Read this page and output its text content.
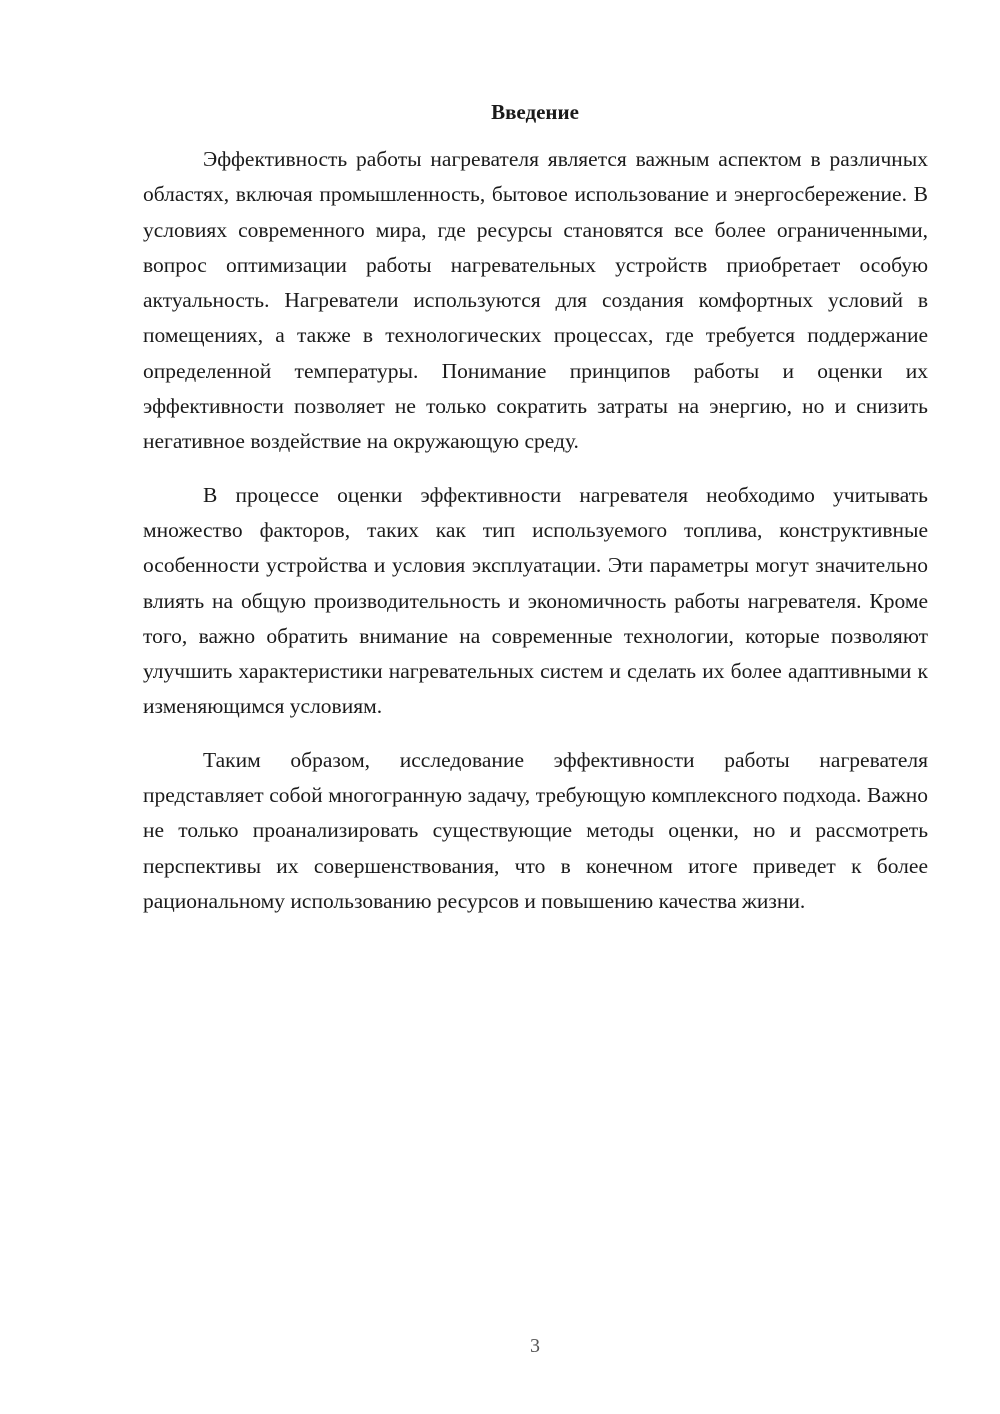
Введение

Эффективность работы нагревателя является важным аспектом в различных областях, включая промышленность, бытовое использование и энергосбережение. В условиях современного мира, где ресурсы становятся все более ограниченными, вопрос оптимизации работы нагревательных устройств приобретает особую актуальность. Нагреватели используются для создания комфортных условий в помещениях, а также в технологических процессах, где требуется поддержание определенной температуры. Понимание принципов работы и оценки их эффективности позволяет не только сократить затраты на энергию, но и снизить негативное воздействие на окружающую среду.

В процессе оценки эффективности нагревателя необходимо учитывать множество факторов, таких как тип используемого топлива, конструктивные особенности устройства и условия эксплуатации. Эти параметры могут значительно влиять на общую производительность и экономичность работы нагревателя. Кроме того, важно обратить внимание на современные технологии, которые позволяют улучшить характеристики нагревательных систем и сделать их более адаптивными к изменяющимся условиям.

Таким образом, исследование эффективности работы нагревателя представляет собой многогранную задачу, требующую комплексного подхода. Важно не только проанализировать существующие методы оценки, но и рассмотреть перспективы их совершенствования, что в конечном итоге приведет к более рациональному использованию ресурсов и повышению качества жизни.

3
